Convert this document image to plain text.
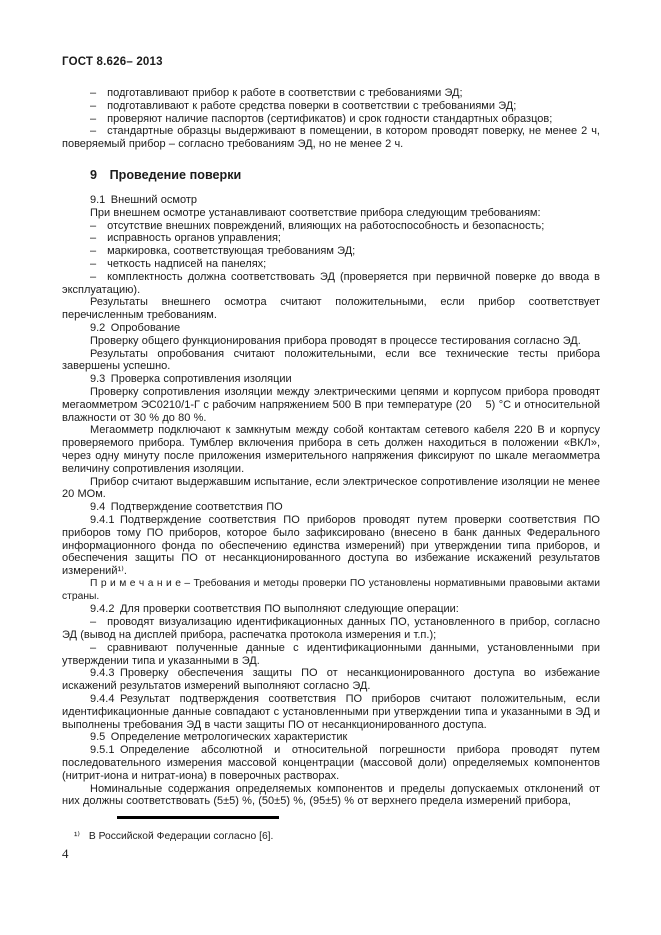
ГОСТ 8.626– 2013

– подготавливают прибор к работе в соответствии с требованиями ЭД;

– подготавливают к работе средства поверки в соответствии с требованиями ЭД;

– проверяют наличие паспортов (сертификатов) и срок годности стандартных образцов;

– стандартные образцы выдерживают в помещении, в котором проводят поверку, не менее 2 ч, поверяемый прибор – согласно требованиям ЭД, но не менее 2 ч.

9 Проведение поверки

9.1 Внешний осмотр

При внешнем осмотре устанавливают соответствие прибора следующим требованиям:

– отсутствие внешних повреждений, влияющих на работоспособность и безопасность;

– исправность органов управления;

– маркировка, соответствующая требованиям ЭД;

– четкость надписей на панелях;

– комплектность должна соответствовать ЭД (проверяется при первичной поверке до ввода в эксплуатацию).

Результаты внешнего осмотра считают положительными, если прибор соответствует перечисленным требованиям.

9.2 Опробование

Проверку общего функционирования прибора проводят в процессе тестирования согласно ЭД.

Результаты опробования считают положительными, если все технические тесты прибора завершены успешно.

9.3 Проверка сопротивления изоляции

Проверку сопротивления изоляции между электрическими цепями и корпусом прибора проводят мегаомметром ЭС0210/1-Г с рабочим напряжением 500 В при температуре (20    5) °С и относительной влажности от 30 % до 80 %.

Мегаомметр подключают к замкнутым между собой контактам сетевого кабеля 220 В и корпусу проверяемого прибора. Тумблер включения прибора в сеть должен находиться в положении «ВКЛ», через одну минуту после приложения измерительного напряжения фиксируют по шкале мегаомметра величину сопротивления изоляции.

Прибор считают выдержавшим испытание, если электрическое сопротивление изоляции не менее 20 МОм.

9.4 Подтверждение соответствия ПО

9.4.1 Подтверждение соответствия ПО приборов проводят путем проверки соответствия ПО приборов тому ПО приборов, которое было зафиксировано (внесено в банк данных Федерального информационного фонда по обеспечению единства измерений) при утверждении типа приборов, и обеспечения защиты ПО от несанкционированного доступа во избежание искажений результатов измерений¹⁾.

П р и м е ч а н и е – Требования и методы проверки ПО установлены нормативными правовыми актами страны.

9.4.2 Для проверки соответствия ПО выполняют следующие операции:

– проводят визуализацию идентификационных данных ПО, установленного в прибор, согласно ЭД (вывод на дисплей прибора, распечатка протокола измерения и т.п.);

– сравнивают полученные данные с идентификационными данными, установленными при утверждении типа и указанными в ЭД.

9.4.3 Проверку обеспечения защиты ПО от несанкционированного доступа во избежание искажений результатов измерений выполняют согласно ЭД.

9.4.4 Результат подтверждения соответствия ПО приборов считают положительным, если идентификационные данные совпадают с установленными при утверждении типа и указанными в ЭД и выполнены требования ЭД в части защиты ПО от несанкционированного доступа.

9.5 Определение метрологических характеристик

9.5.1 Определение абсолютной и относительной погрешности прибора проводят путем последовательного измерения массовой концентрации (массовой доли) определяемых компонентов (нитрит-иона и нитрат-иона) в поверочных растворах.

Номинальные содержания определяемых компонентов и пределы допускаемых отклонений от них должны соответствовать (5±5) %, (50±5) %, (95±5) % от верхнего предела измерений прибора,

¹⁾ В Российской Федерации согласно [6].
4
